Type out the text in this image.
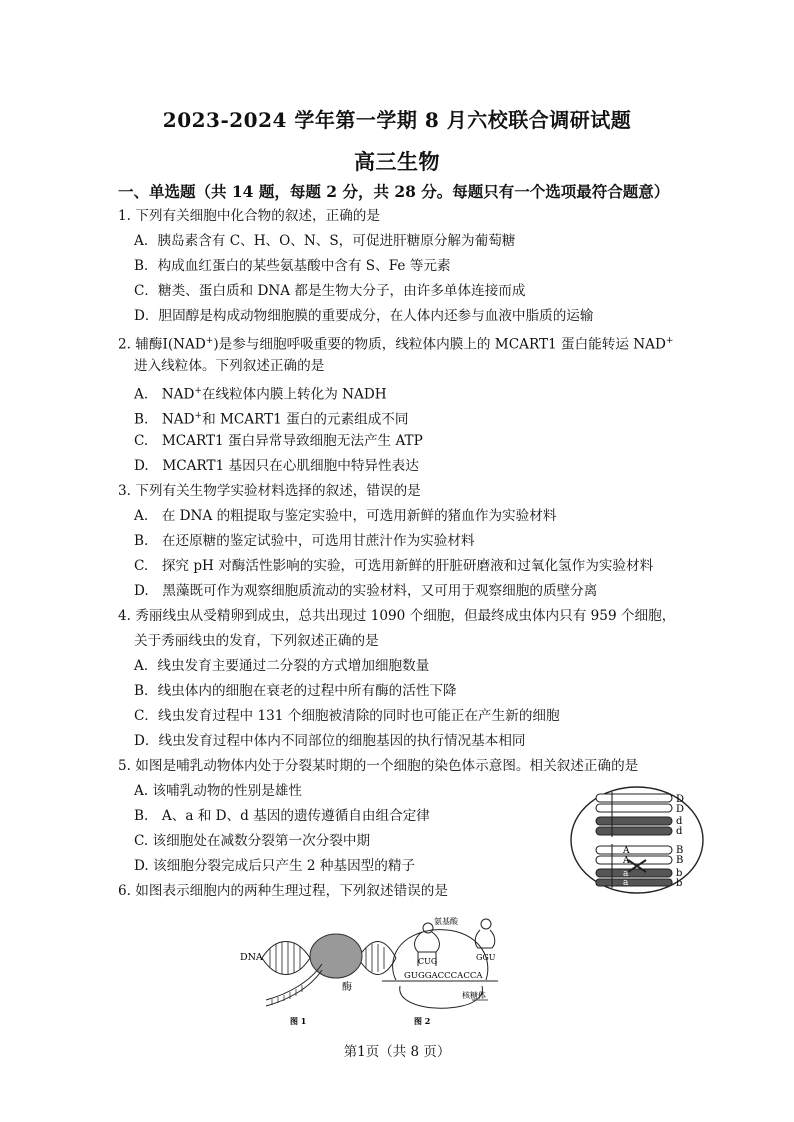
2023-2024 学年第一学期 8 月六校联合调研试题
高三生物
一、单选题（共 14 题，每题 2 分，共 28 分。每题只有一个选项最符合题意）
1. 下列有关细胞中化合物的叙述，正确的是
A．胰岛素含有 C、H、O、N、S，可促进肝糖原分解为葡萄糖
B．构成血红蛋白的某些氨基酸中含有 S、Fe 等元素
C．糖类、蛋白质和 DNA 都是生物大分子，由许多单体连接而成
D．胆固醇是构成动物细胞膜的重要成分，在人体内还参与血液中脂质的运输
2. 辅酶Ⅰ(NAD+)是参与细胞呼吸重要的物质，线粒体内膜上的 MCART1 蛋白能转运 NAD+
进入线粒体。下列叙述正确的是
A.　NAD+在线粒体内膜上转化为 NADH
B.　NAD+和 MCART1 蛋白的元素组成不同
C.　MCART1 蛋白异常导致细胞无法产生 ATP
D.　MCART1 基因只在心肌细胞中特异性表达
3. 下列有关生物学实验材料选择的叙述，错误的是
A.　在 DNA 的粗提取与鉴定实验中，可选用新鲜的猪血作为实验材料
B.　在还原糖的鉴定试验中，可选用甘蔗汁作为实验材料
C.　探究 pH 对酶活性影响的实验，可选用新鲜的肝脏研磨液和过氧化氢作为实验材料
D.　黑藻既可作为观察细胞质流动的实验材料，又可用于观察细胞的质壁分离
4. 秀丽线虫从受精卵到成虫，总共出现过 1090 个细胞，但最终成虫体内只有 959 个细胞，
关于秀丽线虫的发育，下列叙述正确的是
A．线虫发育主要通过二分裂的方式增加细胞数量
B．线虫体内的细胞在衰老的过程中所有酶的活性下降
C．线虫发育过程中 131 个细胞被清除的同时也可能正在产生新的细胞
D．线虫发育过程中体内不同部位的细胞基因的执行情况基本相同
5. 如图是哺乳动物体内处于分裂某时期的一个细胞的染色体示意图。相关叙述正确的是
A. 该哺乳动物的性别是雄性
B.　A、a 和 D、d 基因的遗传遵循自由组合定律
C. 该细胞处在减数分裂第一次分裂中期
D. 该细胞分裂完成后只产生 2 种基因型的精子
6. 如图表示细胞内的两种生理过程，下列叙述错误的是
D
D
d
d
A
A
a
a
B
B
b
b
DNA
酶
图 1
氨基酸
CUG	GGU
GUGGACCCACCA
核糖体
图 2
第1页（共 8 页）
